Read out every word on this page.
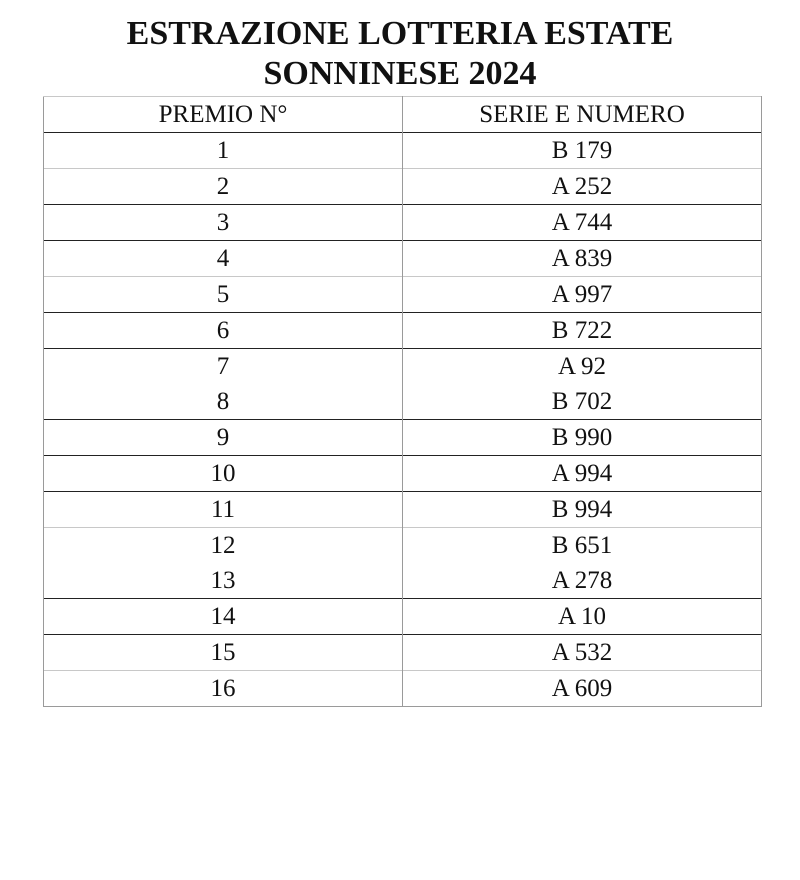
ESTRAZIONE LOTTERIA ESTATE
SONNINESE 2024
PREMIO N°	SERIE E NUMERO
1	B 179
2	A 252
3	A 744
4	A 839
5	A 997
6	B 722
7	A 92
8	B 702
9	B 990
10	A 994
11	B 994
12	B 651
13	A 278
14	A 10
15	A 532
16	A 609
